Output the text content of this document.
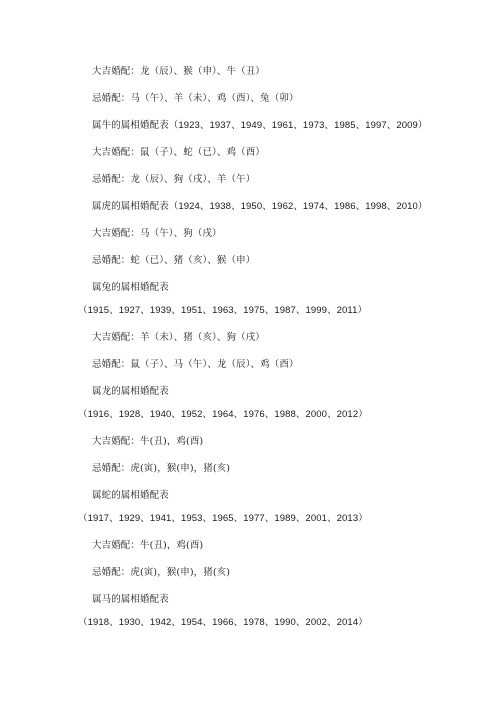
大吉婚配：龙（辰）、猴（申）、牛（丑）
忌婚配：马（午）、羊（未）、鸡（酉）、兔（卯）
属牛的属相婚配表（1923、1937、1949、1961、1973、1985、1997、2009）
大吉婚配：鼠（子）、蛇（已）、鸡（酉）
忌婚配：龙（辰）、狗（戌）、羊（午）
属虎的属相婚配表（1924、1938、1950、1962、1974、1986、1998、2010）
大吉婚配：马（午）、狗（戌）
忌婚配：蛇（已）、猪（亥）、猴（申）
属兔的属相婚配表
（1915、1927、1939、1951、1963、1975、1987、1999、2011）
大吉婚配：羊（未）、猪（亥）、狗（戌）
忌婚配：鼠（子）、马（午）、龙（辰）、鸡（酉）
属龙的属相婚配表
（1916、1928、1940、1952、1964、1976、1988、2000、2012）
大吉婚配：牛(丑)，鸡(酉)
忌婚配：虎(寅)，猴(申)，猪(亥)
属蛇的属相婚配表
（1917、1929、1941、1953、1965、1977、1989、2001、2013）
大吉婚配：牛(丑)，鸡(酉)
忌婚配：虎(寅)，猴(申)，猪(亥)
属马的属相婚配表
（1918、1930、1942、1954、1966、1978、1990、2002、2014）
